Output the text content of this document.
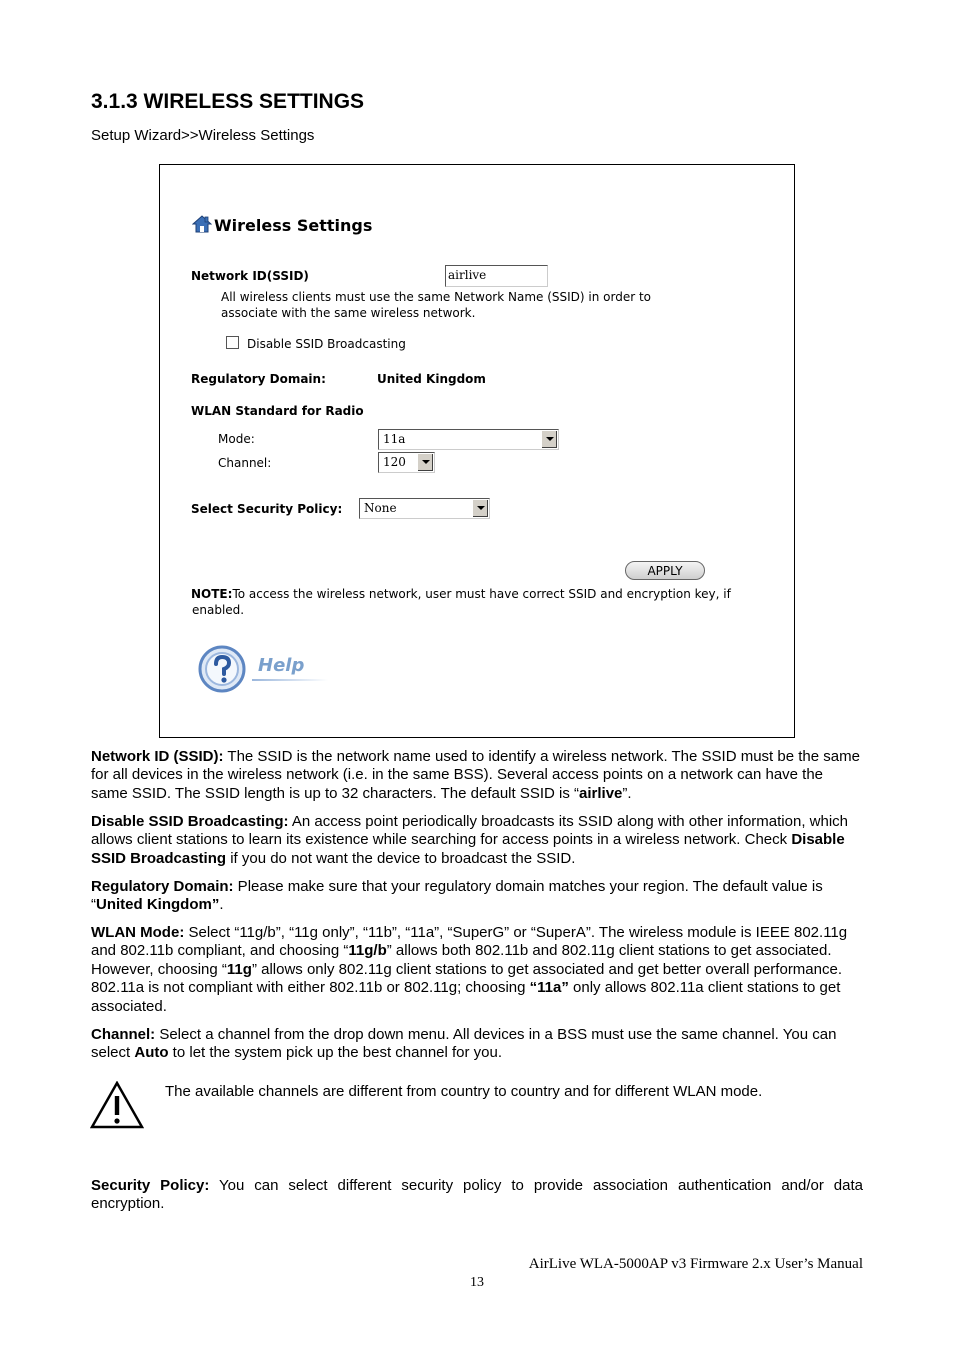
3.1.3 WIRELESS SETTINGS
Setup Wizard>>Wireless Settings
Wireless Settings
Network ID(SSID)	airlive
All wireless clients must use the same Network Name (SSID) in order to
associate with the same wireless network.
Disable SSID Broadcasting
Regulatory Domain:	United Kingdom
WLAN Standard for Radio
Mode:	11a
Channel:	120
Select Security Policy: None
APPLY
NOTE:To access the wireless network, user must have correct SSID and encryption key, if
enabled.
Help
Network ID (SSID): The SSID is the network name used to identify a wireless network. The SSID must be the same for all devices in the wireless network (i.e. in the same BSS). Several access points on a network can have the same SSID. The SSID length is up to 32 characters. The default SSID is “airlive”.
Disable SSID Broadcasting: An access point periodically broadcasts its SSID along with other information, which allows client stations to learn its existence while searching for access points in a wireless network. Check Disable SSID Broadcasting if you do not want the device to broadcast the SSID.
Regulatory Domain: Please make sure that your regulatory domain matches your region. The default value is “United Kingdom”.
WLAN Mode: Select “11g/b”, “11g only”, “11b”, “11a”, “SuperG” or “SuperA”. The wireless module is IEEE 802.11g and 802.11b compliant, and choosing “11g/b” allows both 802.11b and 802.11g client stations to get associated. However, choosing “11g” allows only 802.11g client stations to get associated and get better overall performance. 802.11a is not compliant with either 802.11b or 802.11g; choosing “11a” only allows 802.11a client stations to get associated.
Channel: Select a channel from the drop down menu. All devices in a BSS must use the same channel. You can select Auto to let the system pick up the best channel for you.
The available channels are different from country to country and for different WLAN mode.
Security Policy: You can select different security policy to provide association authentication and/or data encryption.
AirLive WLA-5000AP v3 Firmware 2.x User’s Manual
13
